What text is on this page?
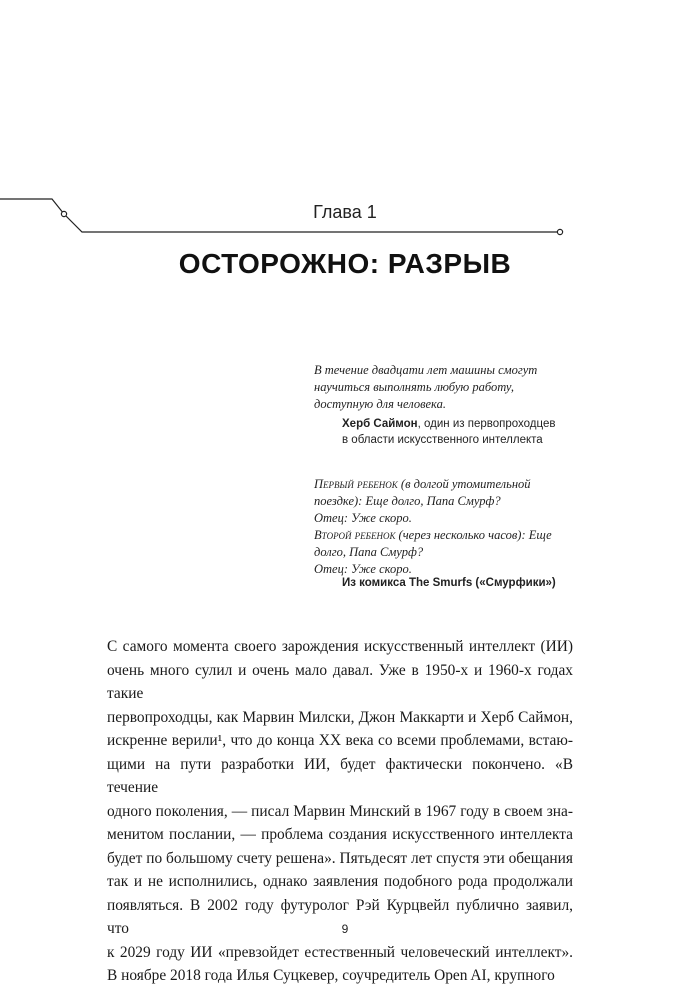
Глава 1
ОСТОРОЖНО: РАЗРЫВ

В течение двадцати лет машины смогут

научиться выполнять любую работу,

доступную для человека.

Херб Саймон, один из первопроходцев
в области искусственного интеллекта

Первый ребенок (в долгой утомительной

поездке): Еще долго, Папа Смурф?

Отец: Уже скоро.

Второй ребенок (через несколько часов): Еще

долго, Папа Смурф?

Отец: Уже скоро.

Из комикса The Smurfs («Смурфики»)

С самого момента своего зарождения искусственный интеллект (ИИ)

очень много сулил и очень мало давал. Уже в 1950-х и 1960-х годах такие

первопроходцы, как Марвин Милски, Джон Маккарти и Херб Саймон,

искренне верили¹, что до конца XX века со всеми проблемами, встаю-

щими на пути разработки ИИ, будет фактически покончено. «В течение

одного поколения, — писал Марвин Минский в 1967 году в своем зна-

менитом послании, — проблема создания искусственного интеллекта

будет по большому счету решена». Пятьдесят лет спустя эти обещания

так и не исполнились, однако заявления подобного рода продолжали

появляться. В 2002 году футуролог Рэй Курцвейл публично заявил, что

к 2029 году ИИ «превзойдет естественный человеческий интеллект».

В ноябре 2018 года Илья Суцкевер, соучредитель Open AI, крупного

9
